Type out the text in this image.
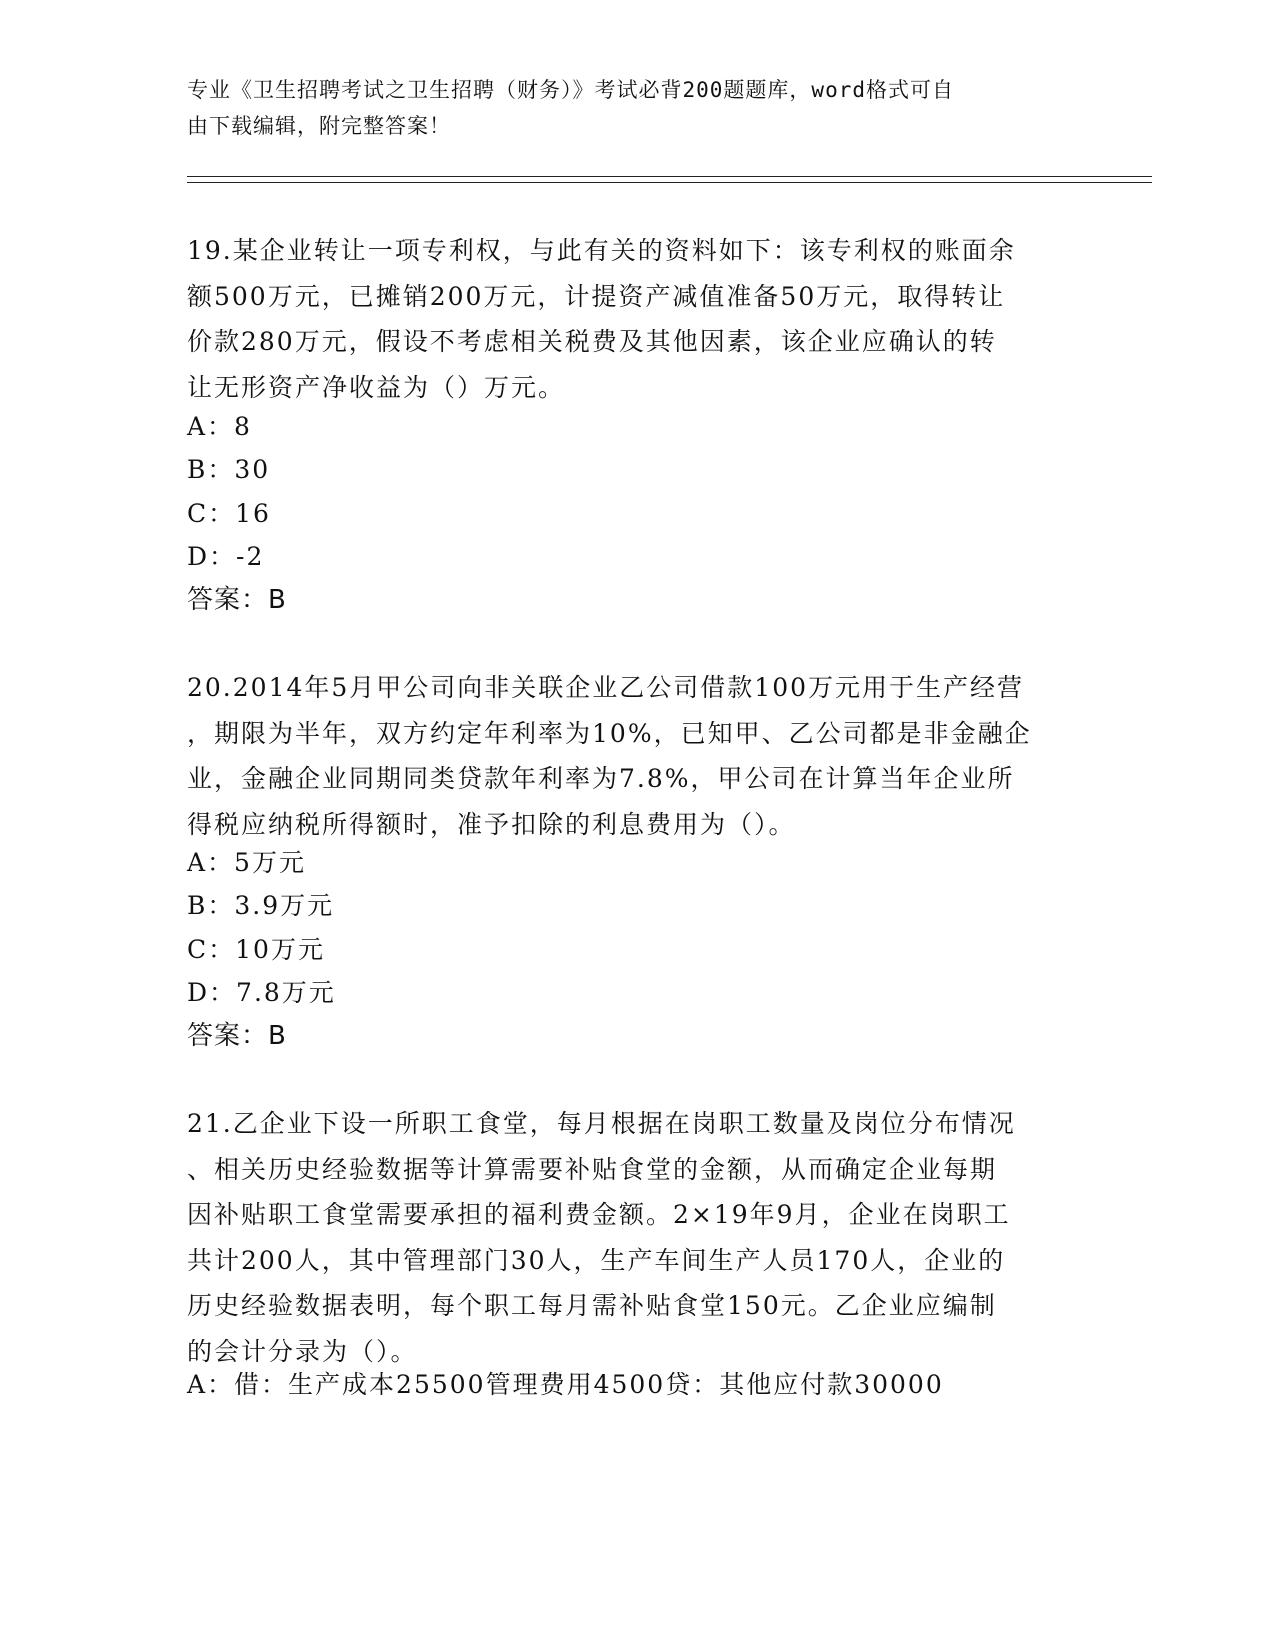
专业《卫生招聘考试之卫生招聘（财务）》考试必背200题题库，word格式可自
由下载编辑，附完整答案！
19.某企业转让一项专利权，与此有关的资料如下：该专利权的账面余
额500万元，已摊销200万元，计提资产减值准备50万元，取得转让
价款280万元，假设不考虑相关税费及其他因素，该企业应确认的转
让无形资产净收益为（）万元。
A：8
B：30
C：16
D：-2
答案：B
20.2014年5月甲公司向非关联企业乙公司借款100万元用于生产经营
，期限为半年，双方约定年利率为10%，已知甲、乙公司都是非金融企
业，金融企业同期同类贷款年利率为7.8%，甲公司在计算当年企业所
得税应纳税所得额时，准予扣除的利息费用为（）。
A：5万元
B：3.9万元
C：10万元
D：7.8万元
答案：B
21.乙企业下设一所职工食堂，每月根据在岗职工数量及岗位分布情况
、相关历史经验数据等计算需要补贴食堂的金额，从而确定企业每期
因补贴职工食堂需要承担的福利费金额。2×19年9月，企业在岗职工
共计200人，其中管理部门30人，生产车间生产人员170人，企业的
历史经验数据表明，每个职工每月需补贴食堂150元。乙企业应编制
的会计分录为（）。
A：借：生产成本25500管理费用4500贷：其他应付款30000
